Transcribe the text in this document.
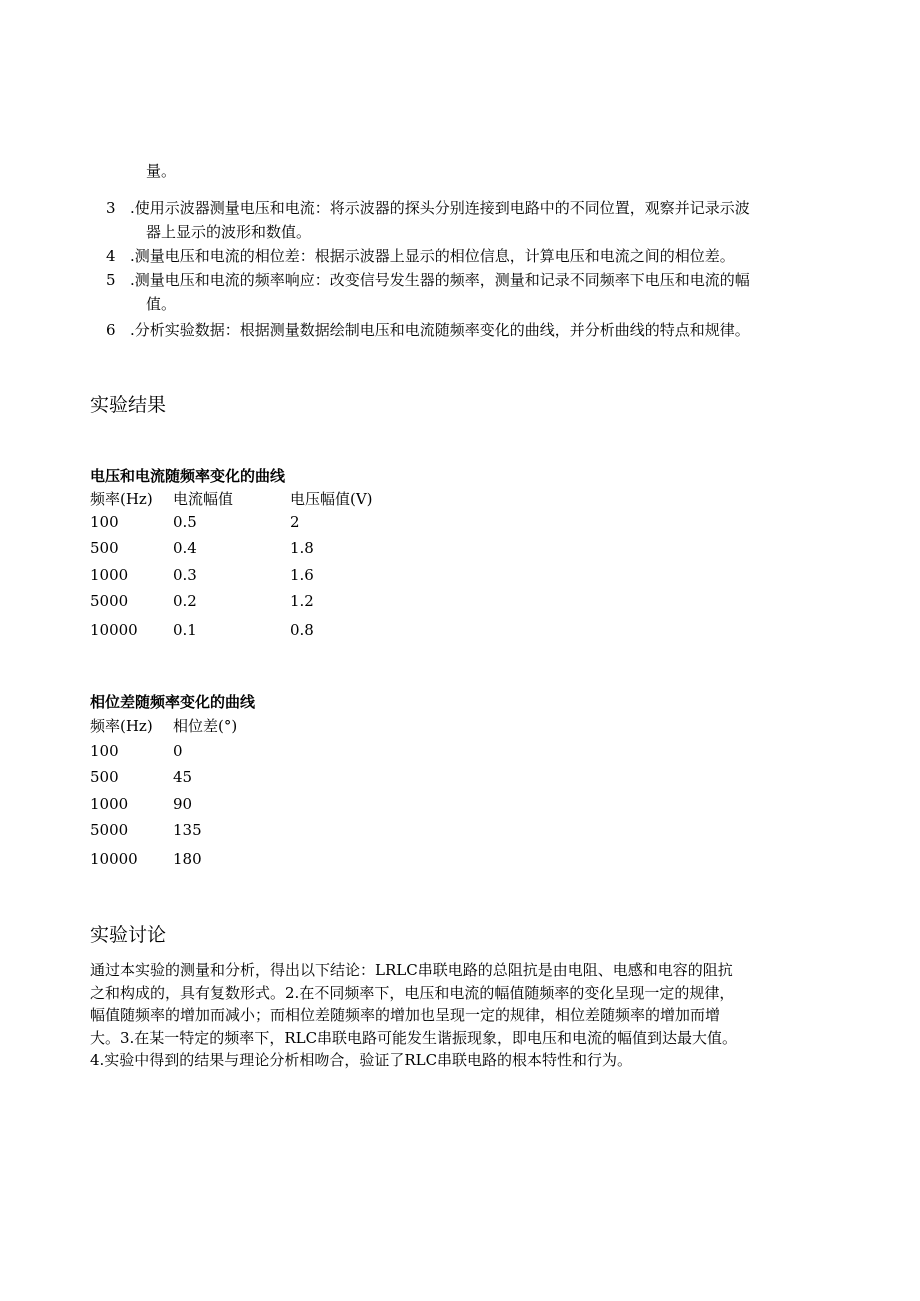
量。
3 .使用示波器测量电压和电流：将示波器的探头分别连接到电路中的不同位置，观察并记录示波
器上显示的波形和数值。
4 .测量电压和电流的相位差：根据示波器上显示的相位信息，计算电压和电流之间的相位差。
5 .测量电压和电流的频率响应：改变信号发生器的频率，测量和记录不同频率下电压和电流的幅
值。
6 .分析实验数据：根据测量数据绘制电压和电流随频率变化的曲线，并分析曲线的特点和规律。
实验结果
电压和电流随频率变化的曲线
频率(Hz) 电流幅值	电压幅值(V)
100	0.5	2
500	0.4	1.8
1000	0.3	1.6
5000	0.2	1.2
10000 0.1	0.8
相位差随频率变化的曲线
频率(Hz) 相位差(°)
100	0
500	45
1000	90
5000	135
10000 180
实验讨论
通过本实验的测量和分析，得出以下结论：LRLC串联电路的总阻抗是由电阻、电感和电容的阻抗
之和构成的，具有复数形式。2.在不同频率下，电压和电流的幅值随频率的变化呈现一定的规律，
幅值随频率的增加而减小；而相位差随频率的增加也呈现一定的规律，相位差随频率的增加而增
大。3.在某一特定的频率下，RLC串联电路可能发生谐振现象，即电压和电流的幅值到达最大值。
4.实验中得到的结果与理论分析相吻合，验证了RLC串联电路的根本特性和行为。
